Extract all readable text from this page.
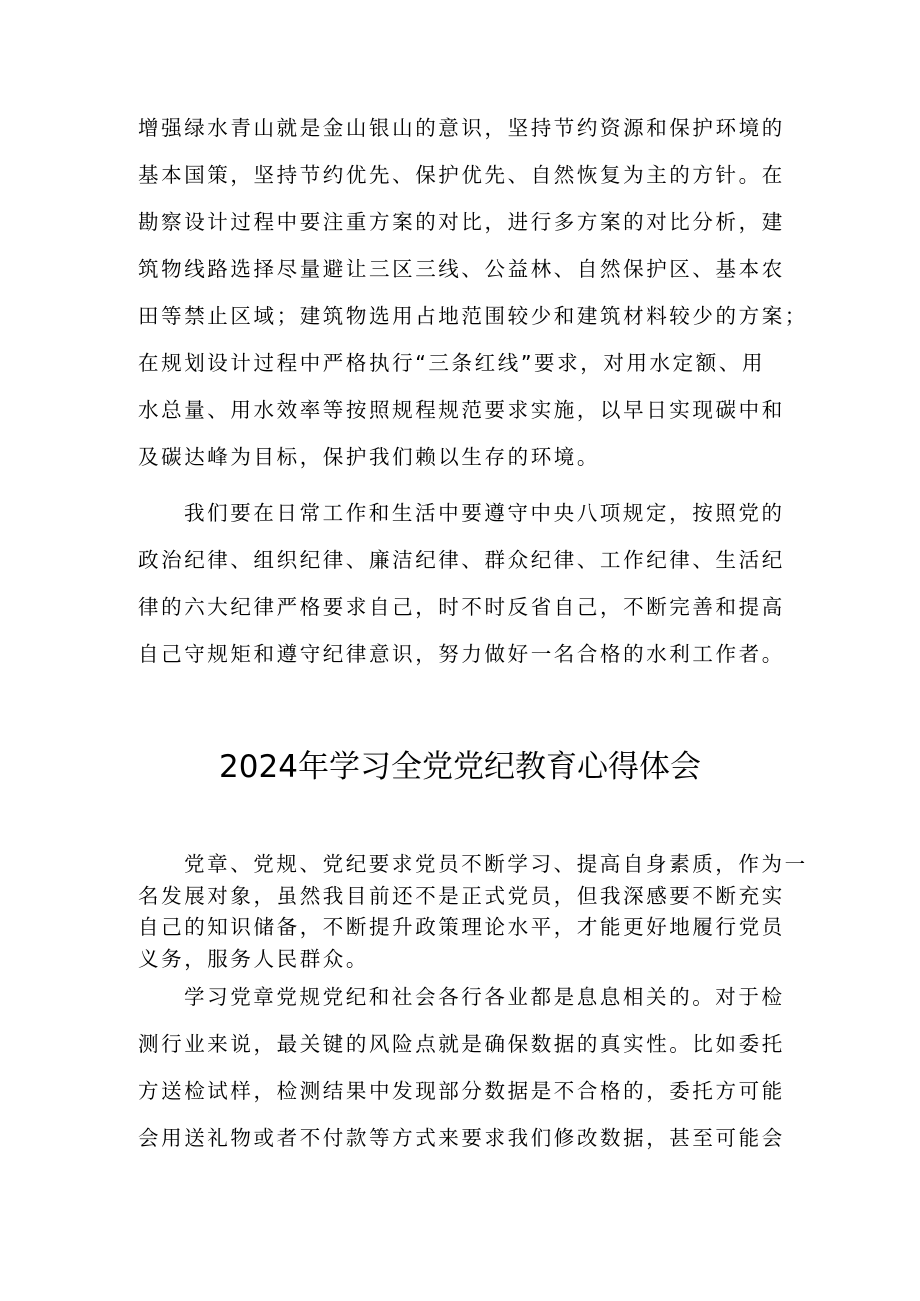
增强绿水青山就是金山银山的意识，坚持节约资源和保护环境的
基本国策，坚持节约优先、保护优先、自然恢复为主的方针。在
勘察设计过程中要注重方案的对比，进行多方案的对比分析，建
筑物线路选择尽量避让三区三线、公益林、自然保护区、基本农
田等禁止区域；建筑物选用占地范围较少和建筑材料较少的方案；
在规划设计过程中严格执行“三条红线”要求，对用水定额、用
水总量、用水效率等按照规程规范要求实施，以早日实现碳中和
及碳达峰为目标，保护我们赖以生存的环境。
我们要在日常工作和生活中要遵守中央八项规定，按照党的
政治纪律、组织纪律、廉洁纪律、群众纪律、工作纪律、生活纪
律的六大纪律严格要求自己，时不时反省自己，不断完善和提高
自己守规矩和遵守纪律意识，努力做好一名合格的水利工作者。
2024年学习全党党纪教育心得体会
党章、党规、党纪要求党员不断学习、提高自身素质，作为一
名发展对象，虽然我目前还不是正式党员，但我深感要不断充实
自己的知识储备，不断提升政策理论水平，才能更好地履行党员
义务，服务人民群众。
学习党章党规党纪和社会各行各业都是息息相关的。对于检
测行业来说，最关键的风险点就是确保数据的真实性。比如委托
方送检试样，检测结果中发现部分数据是不合格的，委托方可能
会用送礼物或者不付款等方式来要求我们修改数据，甚至可能会
